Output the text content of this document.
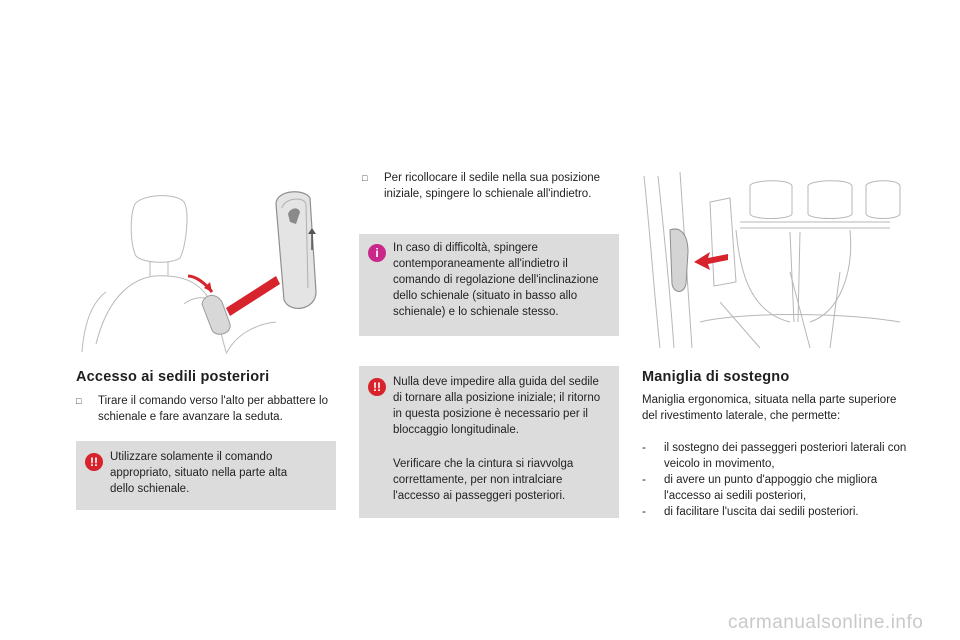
Accesso ai sedili posteriori
□	Tirare il comando verso l'alto per abbattere lo schienale e fare avanzare la seduta.
!!	Utilizzare solamente il comando appropriato, situato nella parte alta dello schienale.
□	Per ricollocare il sedile nella sua posizione iniziale, spingere lo schienale all'indietro.
i	In caso di difficoltà, spingere contemporaneamente all'indietro il comando di regolazione dell'inclinazione dello schienale (situato in basso allo schienale) e lo schienale stesso.
!!	Nulla deve impedire alla guida del sedile di tornare alla posizione iniziale; il ritorno in questa posizione è necessario per il bloccaggio longitudinale.
Verificare che la cintura si riavvolga correttamente, per non intralciare l'accesso ai passeggeri posteriori.
Maniglia di sostegno
Maniglia ergonomica, situata nella parte superiore del rivestimento laterale, che permette:
-	il sostegno dei passeggeri posteriori laterali con veicolo in movimento,
-	di avere un punto d'appoggio che migliora l'accesso ai sedili posteriori,
-	di facilitare l'uscita dai sedili posteriori.
carmanualsonline.info
